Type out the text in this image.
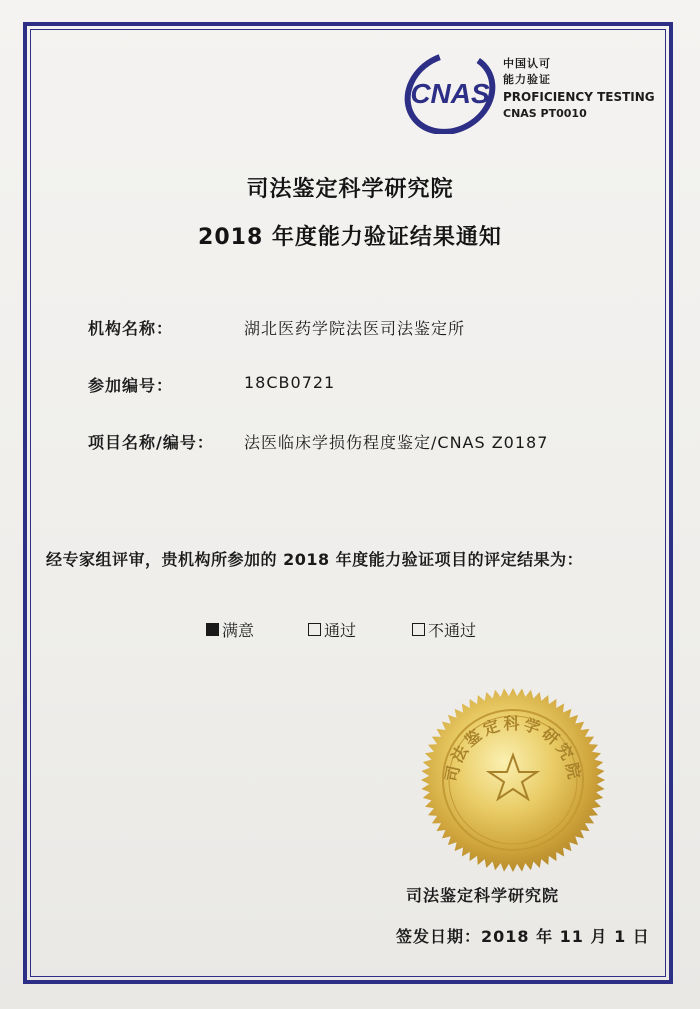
CNAS
中国认可
能力验证
PROFICIENCY TESTING
CNAS PT0010
司法鉴定科学研究院
2018 年度能力验证结果通知
机构名称：	湖北医药学院法医司法鉴定所
参加编号：	18CB0721
项目名称/编号： 法医临床学损伤程度鉴定/CNAS Z0187
经专家组评审，贵机构所参加的 2018 年度能力验证项目的评定结果为：
满意	通过	不通过
司法鉴定科学研究院
司法鉴定科学研究院
签发日期：2018 年 11 月 1 日
